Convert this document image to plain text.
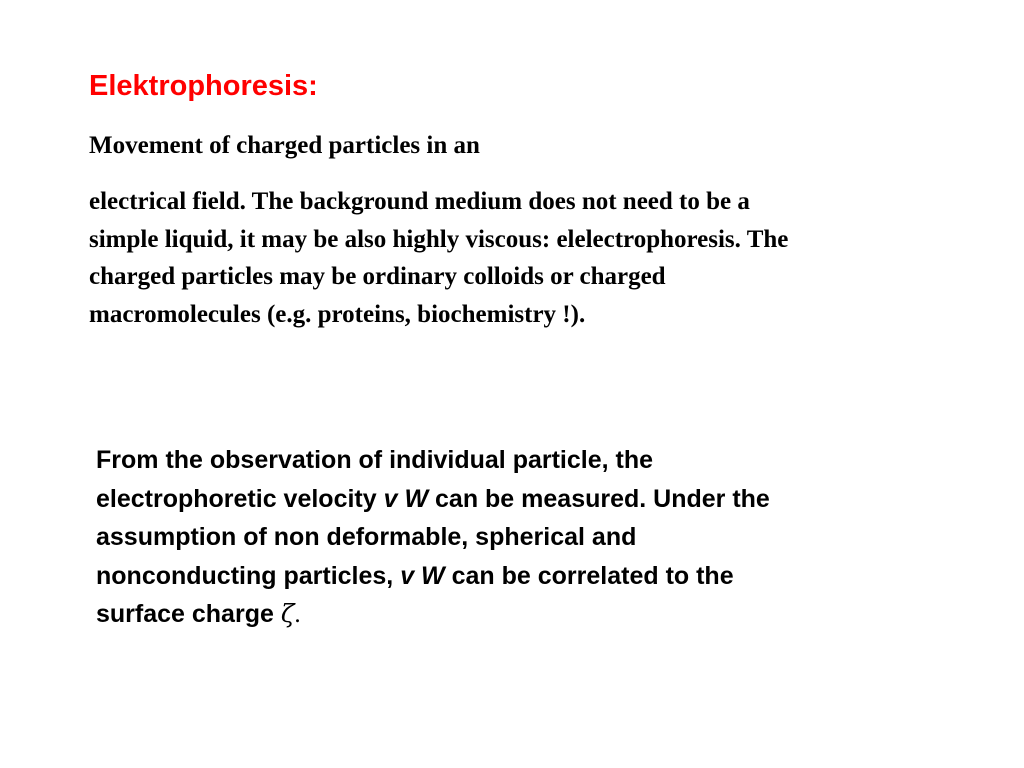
Elektrophoresis:

Movement of charged particles in an

electrical field. The background medium does not need to be a
simple liquid, it may be also highly viscous: elelectrophoresis. The
charged particles may be ordinary colloids or charged
macromolecules (e.g. proteins, biochemistry !).

From the observation of individual particle, the
electrophoretic velocity v W can be measured. Under the
assumption of non deformable, spherical and
nonconducting particles, v W can be correlated to the
surface charge ζ.
